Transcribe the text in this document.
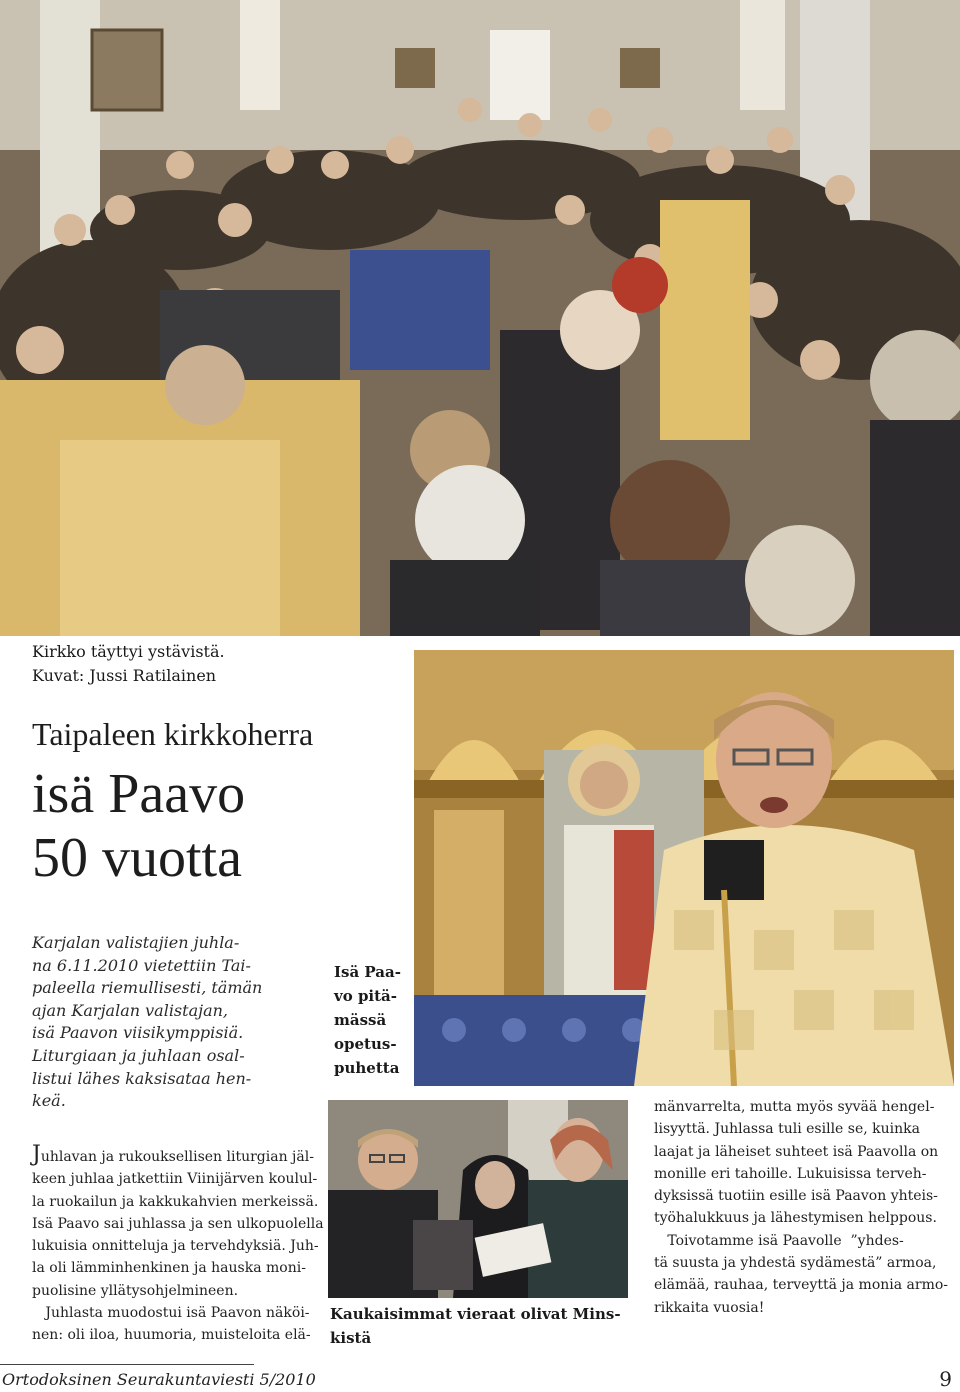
Kirkko täyttyi ystävistä.
Kuvat: Jussi Ratilainen
Taipaleen kirkkoherra
isä Paavo
50 vuotta
Karjalan valistajien juhla-
na 6.11.2010 vietettiin Tai-
paleella riemullisesti, tämän
ajan Karjalan valistajan,
isä Paavon viisikymppisiä.
Liturgiaan ja juhlaan osal-
listui lähes kaksisataa hen-
keä.
Juhlavan ja rukouksellisen liturgian jäl-
keen juhlaa jatkettiin Viinijärven koulul-
la ruokailun ja kakkukahvien merkeissä.
Isä Paavo sai juhlassa ja sen ulkopuolella
lukuisia onnitteluja ja tervehdyksiä. Juh-
la oli lämminhenkinen ja hauska moni-
puolisine yllätysohjelmineen.
Juhlasta muodostui isä Paavon näköi-
nen: oli iloa, huumoria, muisteloita elä-
Isä Paa-
vo pitä-
mässä
opetus-
puhetta
Kaukaisimmat vieraat olivat Mins-
kistä
mänvarrelta, mutta myös syvää hengel-
lisyyttä. Juhlassa tuli esille se, kuinka
laajat ja läheiset suhteet isä Paavolla on
monille eri tahoille. Lukuisissa terveh-
dyksissä tuotiin esille isä Paavon yhteis-
työhalukkuus ja lähestymisen helppous.
Toivotamme isä Paavolle  ”yhdes-
tä suusta ja yhdestä sydämestä” armoa,
elämää, rauhaa, terveyttä ja monia armo-
rikkaita vuosia!
Ortodoksinen Seurakuntaviesti 5/2010	9
